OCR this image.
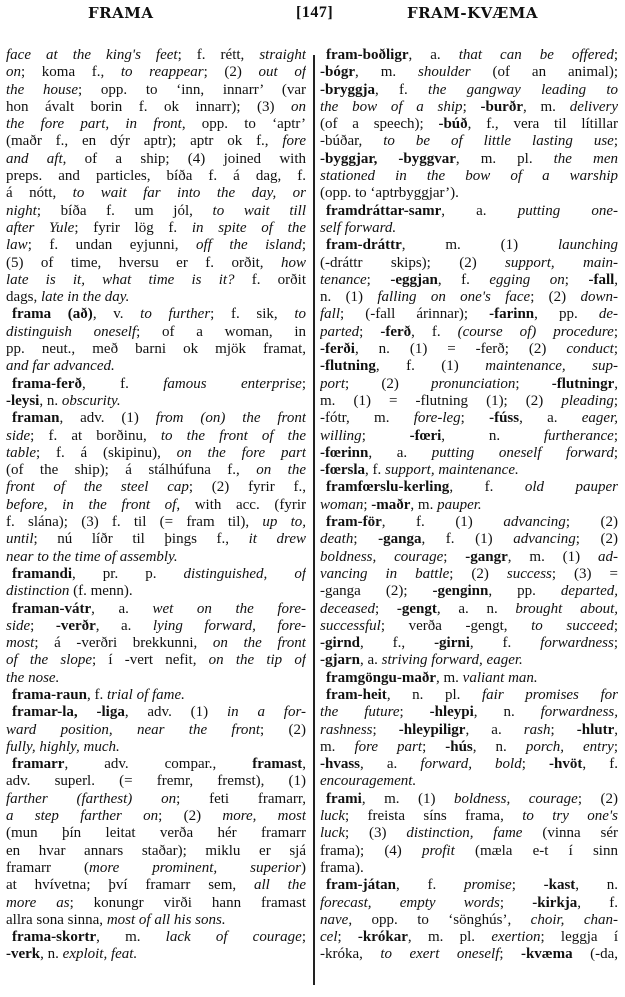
FRAMA	[147]	FRAM-KVÆMA
face at the king's feet; f. rétt, straight
on; koma f., to reappear; (2) out of
the house; opp. to ‘inn, innarr’ (var
hon ávalt borin f. ok innarr); (3) on
the fore part, in front, opp. to ‘aptr’
(maðr f., en dýr aptr); aptr ok f., fore
and aft, of a ship; (4) joined with
preps. and particles, bíða f. á dag, f.
á nótt, to wait far into the day, or
night; bíða f. um jól, to wait till
after Yule; fyrir lög f. in spite of the
law; f. undan eyjunni, off the island;
(5) of time, hversu er f. orðit, how
late is it, what time is it? f. orðit
dags, late in the day.
frama (að), v. to further; f. sik, to
distinguish oneself; of a woman, in
pp. neut., með barni ok mjök framat,
and far advanced.
frama-ferð, f. famous enterprise;
-leysi, n. obscurity.
framan, adv. (1) from (on) the front
side; f. at borðinu, to the front of the
table; f. á (skipinu), on the fore part
(of the ship); á stálhúfuna f., on the
front of the steel cap; (2) fyrir f.,
before, in the front of, with acc. (fyrir
f. slána); (3) f. til (= fram til), up to,
until; nú líðr til þings f., it drew
near to the time of assembly.
framandi, pr. p. distinguished, of
distinction (f. menn).
framan-vátr, a. wet on the fore-
side; -verðr, a. lying forward, fore-
most; á -verðri brekkunni, on the front
of the slope; í -vert nefit, on the tip of
the nose.
frama-raun, f. trial of fame.
framar-la, -liga, adv. (1) in a for-
ward position, near the front; (2)
fully, highly, much.
framarr, adv. compar., framast,
adv. superl. (= fremr, fremst), (1)
farther (farthest) on; feti framarr,
a step farther on; (2) more, most
(mun þín leitat verða hér framarr
en hvar annars staðar); miklu er sjá
framarr (more prominent, superior)
at hvívetna; því framarr sem, all the
more as; konungr virði hann framast
allra sona sinna, most of all his sons.
frama-skortr, m. lack of courage;
-verk, n. exploit, feat.
fram-boðligr, a. that can be offered;
-bógr, m. shoulder (of an animal);
-bryggja, f. the gangway leading to
the bow of a ship; -burðr, m. delivery
(of a speech); -búð, f., vera til lítillar
-búðar, to be of little lasting use;
-byggjar, -byggvar, m. pl. the men
stationed in the bow of a warship
(opp. to ‘aptrbyggjar’).
framdráttar-samr, a. putting one-
self forward.
fram-dráttr, m. (1) launching
(-dráttr skips); (2) support, main-
tenance; -eggjan, f. egging on; -fall,
n. (1) falling on one's face; (2) down-
fall; (-fall árinnar); -farinn, pp. de-
parted; -ferð, f. (course of) procedure;
-ferði, n. (1) = -ferð; (2) conduct;
-flutning, f. (1) maintenance, sup-
port; (2) pronunciation; -flutningr,
m. (1) = -flutning (1); (2) pleading;
-fótr, m. fore-leg; -fúss, a. eager,
willing; -fœri, n. furtherance;
-fœrinn, a. putting oneself forward;
-fœrsla, f. support, maintenance.
framfœrslu-kerling, f. old pauper
woman; -maðr, m. pauper.
fram-för, f. (1) advancing; (2)
death; -ganga, f. (1) advancing; (2)
boldness, courage; -gangr, m. (1) ad-
vancing in battle; (2) success; (3) =
-ganga (2); -genginn, pp. departed,
deceased; -gengt, a. n. brought about,
successful; verða -gengt, to succeed;
-girnd, f., -girni, f. forwardness;
-gjarn, a. striving forward, eager.
framgöngu-maðr, m. valiant man.
fram-heit, n. pl. fair promises for
the future; -hleypi, n. forwardness,
rashness; -hleypiligr, a. rash; -hlutr,
m. fore part; -hús, n. porch, entry;
-hvass, a. forward, bold; -hvöt, f.
encouragement.
frami, m. (1) boldness, courage; (2)
luck; freista síns frama, to try one's
luck; (3) distinction, fame (vinna sér
frama); (4) profit (mæla e-t í sinn
frama).
fram-játan, f. promise; -kast, n.
forecast, empty words; -kirkja, f.
nave, opp. to ‘sönghús’, choir, chan-
cel; -krókar, m. pl. exertion; leggja í
-króka, to exert oneself; -kvæma (-da,
